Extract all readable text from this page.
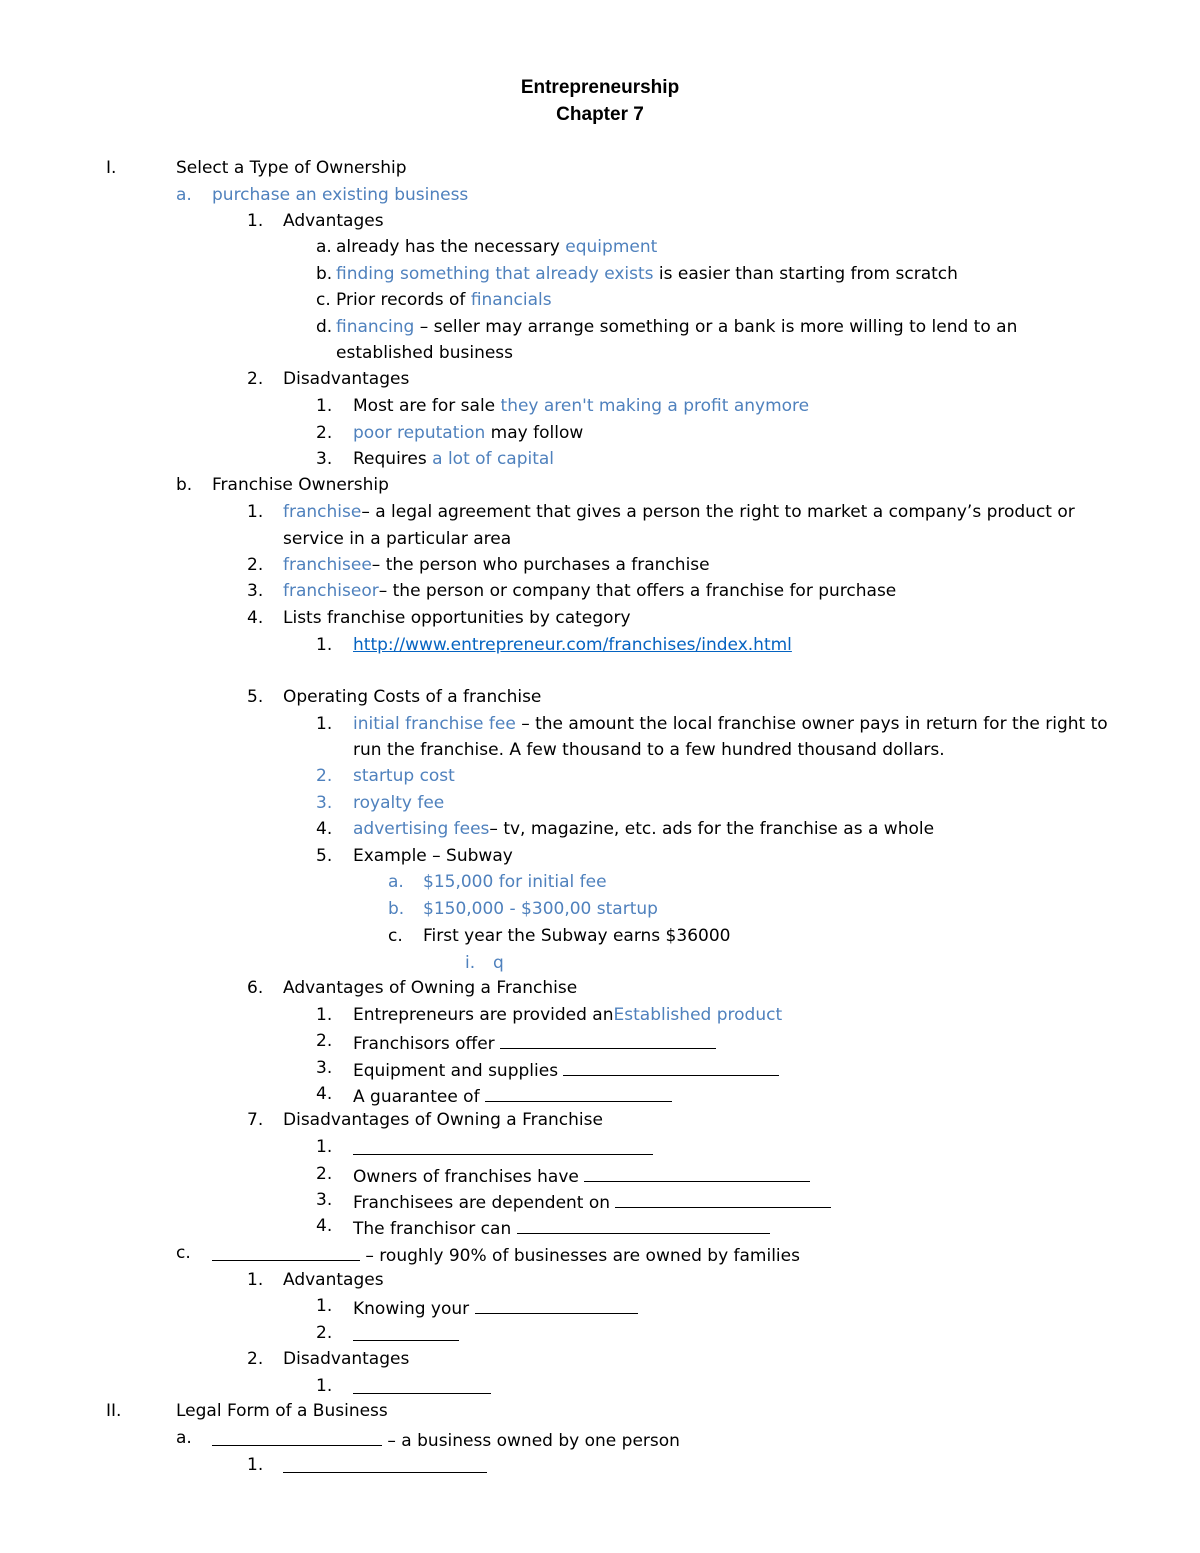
Entrepreneurship
Chapter 7
I.	Select a Type of Ownership
a. purchase an existing business
1. Advantages
a. already has the necessary equipment
b. finding something that already exists is easier than starting from scratch
c. Prior records of financials
d. financing – seller may arrange something or a bank is more willing to lend to an
established business
2. Disadvantages
1. Most are for sale they aren't making a profit anymore
2. poor reputation may follow
3. Requires a lot of capital
b. Franchise Ownership
1. franchise– a legal agreement that gives a person the right to market a company’s product or
service in a particular area
2. franchisee– the person who purchases a franchise
3. franchiseor– the person or company that offers a franchise for purchase
4. Lists franchise opportunities by category
1. http://www.entrepreneur.com/franchises/index.html
5. Operating Costs of a franchise
1. initial franchise fee – the amount the local franchise owner pays in return for the right to
run the franchise. A few thousand to a few hundred thousand dollars.
2. startup cost
3. royalty fee
4. advertising fees– tv, magazine, etc. ads for the franchise as a whole
5. Example – Subway
a. $15,000 for initial fee
b. $150,000 - $300,00 startup
c. First year the Subway earns $36000
i. q
6. Advantages of Owning a Franchise
1. Entrepreneurs are provided anEstablished product
2. Franchisors offer
3. Equipment and supplies
4. A guarantee of
7. Disadvantages of Owning a Franchise
1.
2. Owners of franchises have
3. Franchisees are dependent on
4. The franchisor can
c.	– roughly 90% of businesses are owned by families
1. Advantages
1. Knowing your
2.
2. Disadvantages
1.
II.	Legal Form of a Business
a.	– a business owned by one person
1.
